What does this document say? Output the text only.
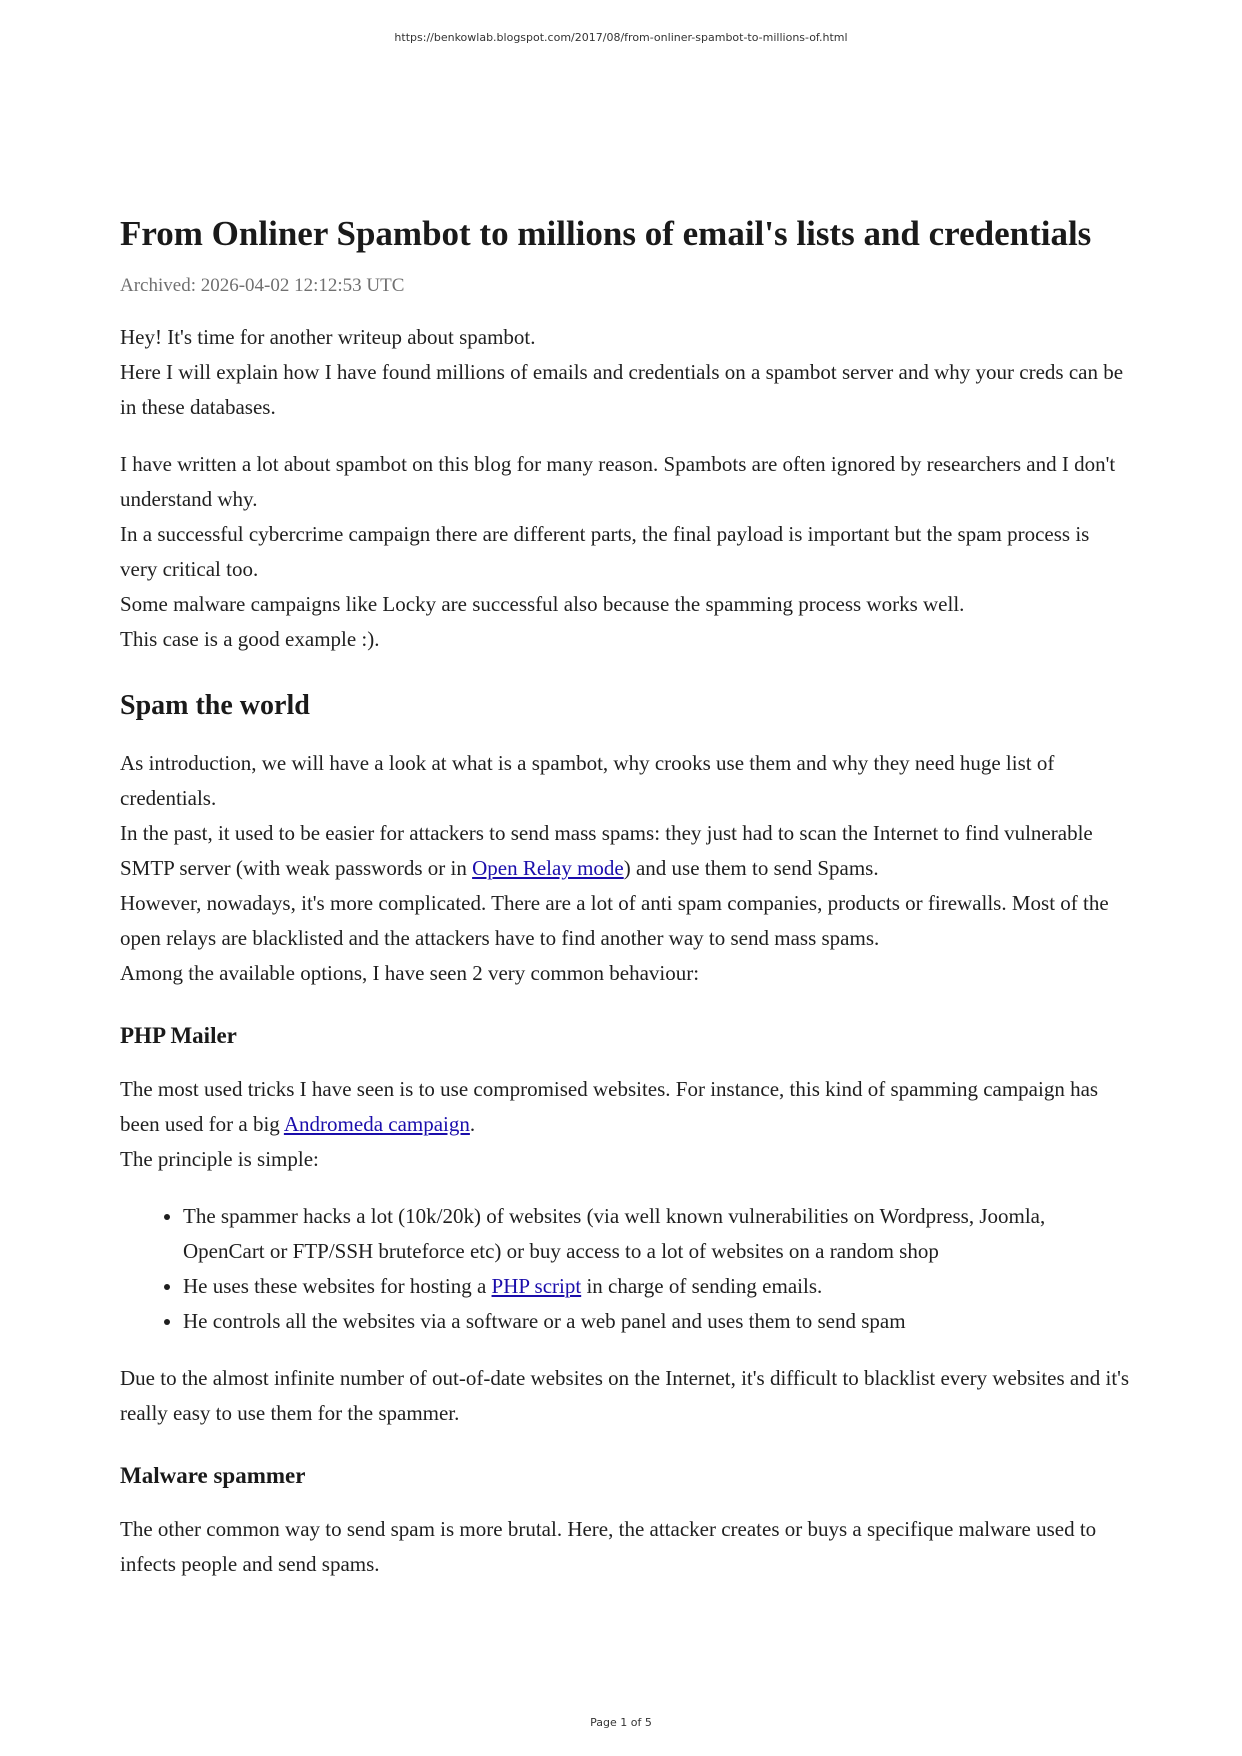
https://benkowlab.blogspot.com/2017/08/from-onliner-spambot-to-millions-of.html
From Onliner Spambot to millions of email's lists and credentials
Archived: 2026-04-02 12:12:53 UTC

Hey! It's time for another writeup about spambot.
Here I will explain how I have found millions of emails and credentials on a spambot server and why your creds can be in these databases.

I have written a lot about spambot on this blog for many reason. Spambots are often ignored by researchers and I don't understand why.
In a successful cybercrime campaign there are different parts, the final payload is important but the spam process is very critical too.
Some malware campaigns like Locky are successful also because the spamming process works well.
This case is a good example :).

Spam the world

As introduction, we will have a look at what is a spambot, why crooks use them and why they need huge list of credentials.
In the past, it used to be easier for attackers to send mass spams: they just had to scan the Internet to find vulnerable SMTP server (with weak passwords or in Open Relay mode) and use them to send Spams.
However, nowadays, it's more complicated. There are a lot of anti spam companies, products or firewalls. Most of the open relays are blacklisted and the attackers have to find another way to send mass spams.
Among the available options, I have seen 2 very common behaviour:

PHP Mailer

The most used tricks I have seen is to use compromised websites. For instance, this kind of spamming campaign has been used for a big Andromeda campaign.
The principle is simple:

• The spammer hacks a lot (10k/20k) of websites (via well known vulnerabilities on Wordpress, Joomla, OpenCart or FTP/SSH bruteforce etc) or buy access to a lot of websites on a random shop
• He uses these websites for hosting a PHP script in charge of sending emails.
• He controls all the websites via a software or a web panel and uses them to send spam

Due to the almost infinite number of out-of-date websites on the Internet, it's difficult to blacklist every websites and it's really easy to use them for the spammer.

Malware spammer

The other common way to send spam is more brutal. Here, the attacker creates or buys a specifique malware used to infects people and send spams.

Page 1 of 5
